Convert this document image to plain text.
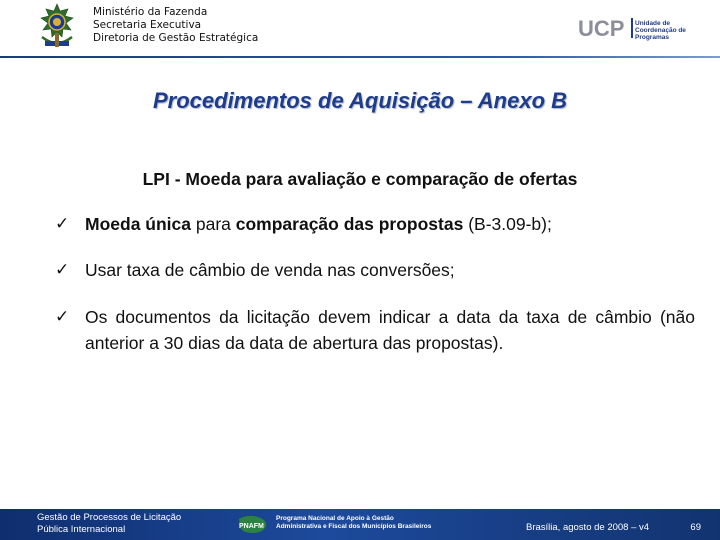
Ministério da Fazenda
Secretaria Executiva
Diretoria de Gestão Estratégica	UCP Unidade de
Coordenação de
Programas
Procedimentos de Aquisição – Anexo B
LPI - Moeda para avaliação e comparação de ofertas
✓ Moeda única para comparação das propostas (B-3.09-b);
✓ Usar taxa de câmbio de venda nas conversões;
✓ Os documentos da licitação devem indicar a data da taxa de câmbio (não anterior a 30 dias da data de abertura das propostas).
Gestão de Processos de Licitação
Pública Internacional	PNAFM
Programa Nacional de Apoio à Gestão
Administrativa e Fiscal dos Municípios Brasileiros	Brasília, agosto de 2008 – v4	69
